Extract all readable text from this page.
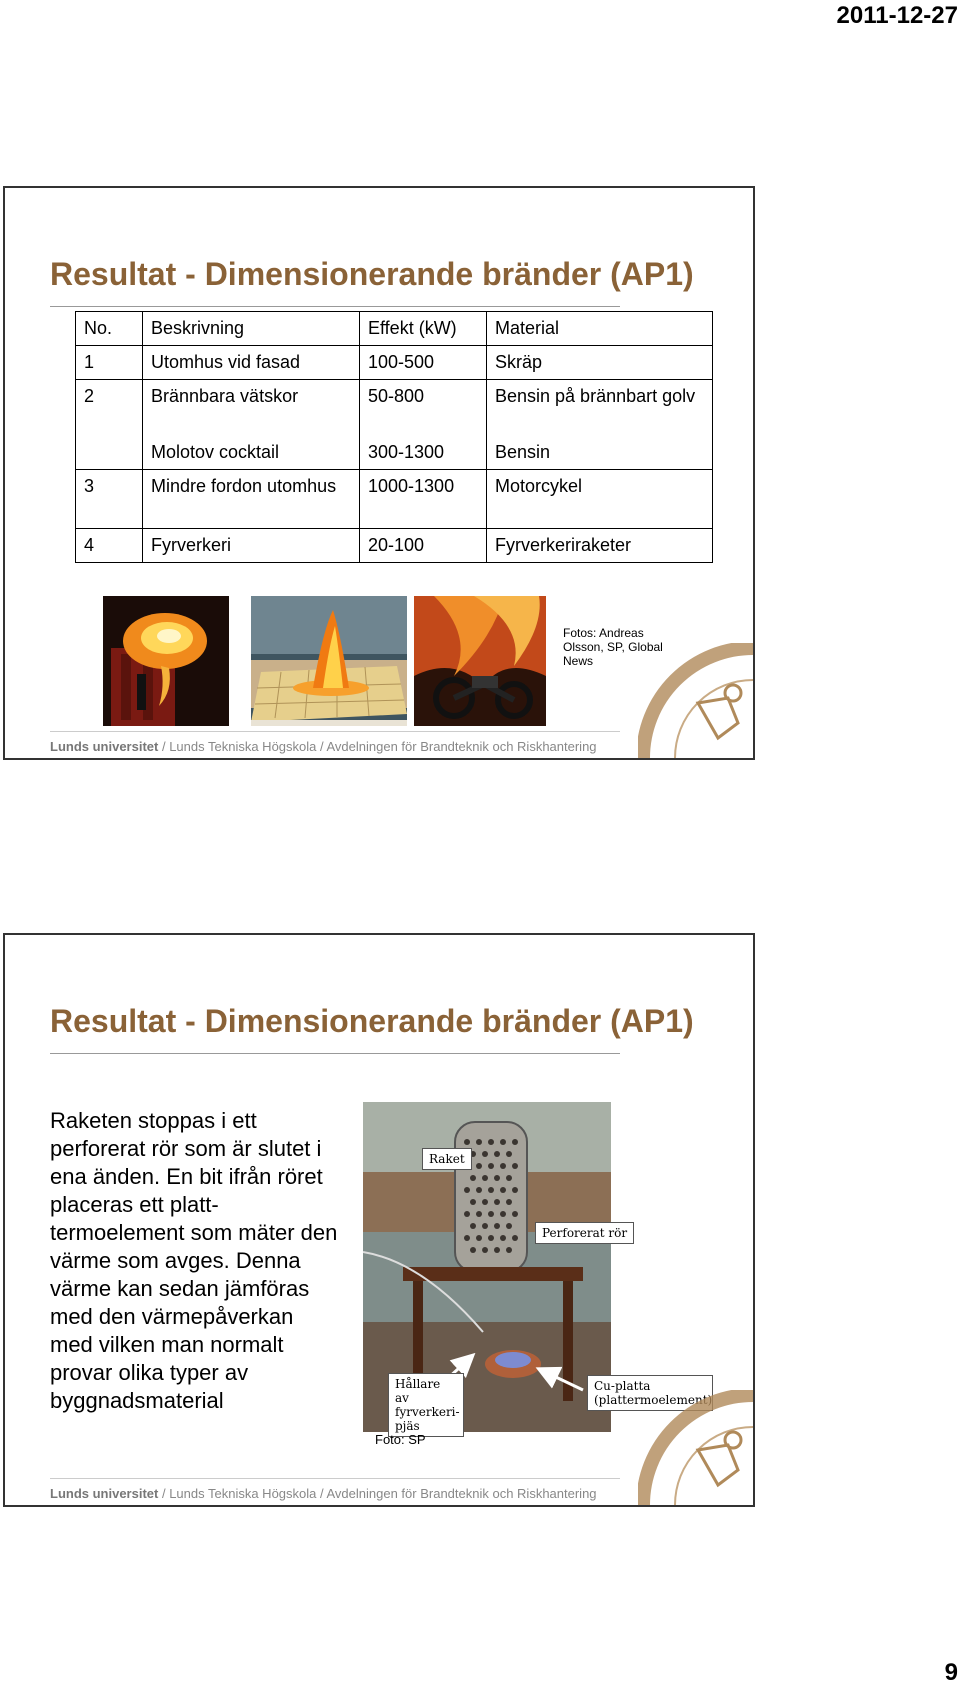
2011-12-27
Resultat - Dimensionerande bränder (AP1)
No.	Beskrivning	Effekt (kW)	Material
1	Utomhus vid fasad	100-500	Skräp
2	Brännbara vätskor	50-800	Bensin på brännbart golv
	Molotov cocktail	300-1300	Bensin
3	Mindre fordon utomhus	1000-1300	Motorcykel
4	Fyrverkeri	20-100	Fyrverkeriraketer
Fotos: Andreas Olsson, SP, Global News
Lunds universitet / Lunds Tekniska Högskola / Avdelningen för Brandteknik och Riskhantering
Resultat - Dimensionerande bränder (AP1)
Raketen stoppas i ett perforerat rör som är slutet i ena änden. En bit ifrån röret placeras ett platt-termoelement som mäter den värme som avges. Denna värme kan sedan jämföras med den värmepåverkan med vilken man normalt provar olika typer av byggnadsmaterial
Raket
Perforerat rör
Hållare av fyrverkeri-pjäs
Cu-platta (plattermoelement)
Foto: SP
Lunds universitet / Lunds Tekniska Högskola / Avdelningen för Brandteknik och Riskhantering
9
